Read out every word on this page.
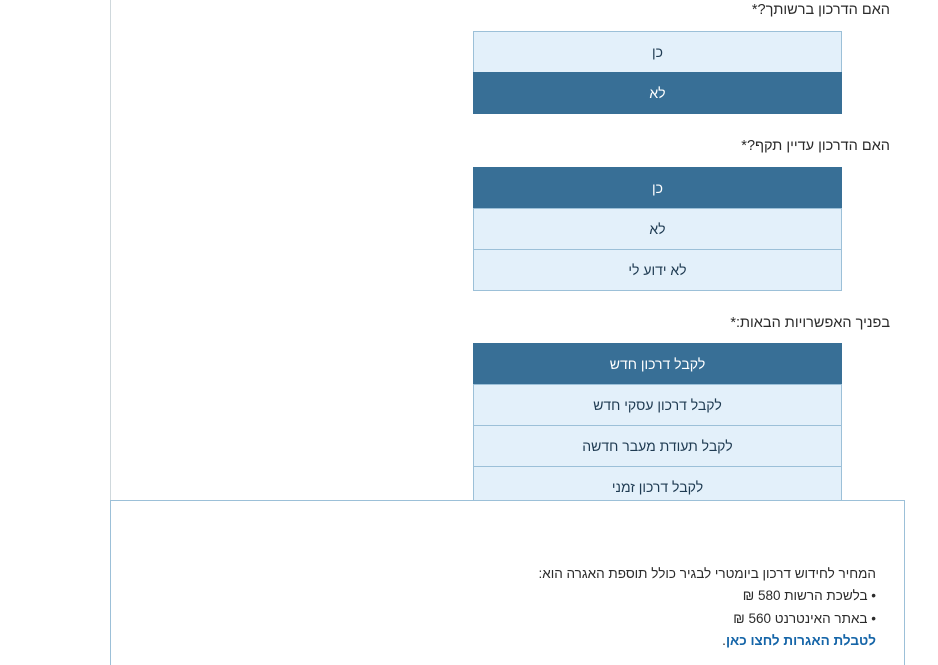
האם הדרכון ברשותך?*

כן
לא

האם הדרכון עדיין תקף?*

כן
לא
לא ידוע לי

בפניך האפשרויות הבאות:*

לקבל דרכון חדש
לקבל דרכון עסקי חדש
לקבל תעודת מעבר חדשה
לקבל דרכון זמני

המחיר לחידוש דרכון ביומטרי לבגיר כולל תוספת האגרה הוא:

• בלשכת הרשות 580 ₪
• באתר האינטרנט 560 ₪

לטבלת האגרות לחצו כאן.
